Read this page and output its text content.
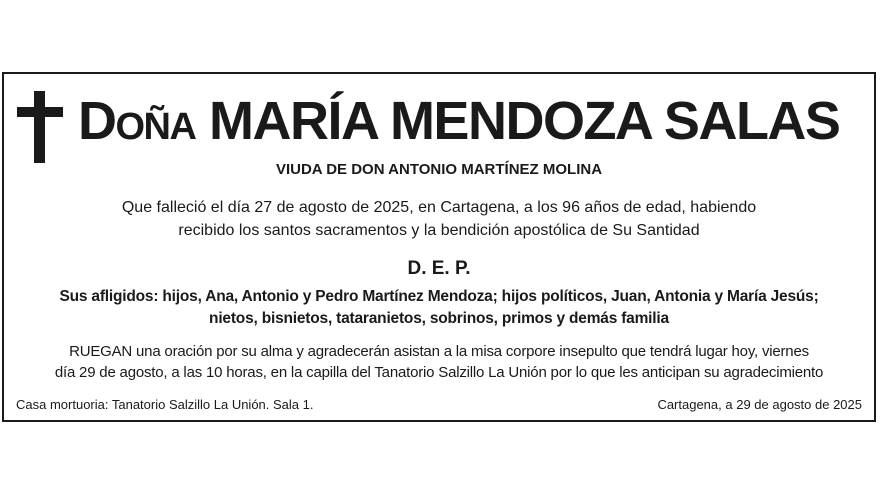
Doña MARÍA MENDOZA SALAS
VIUDA DE DON ANTONIO MARTÍNEZ MOLINA
Que falleció el día 27 de agosto de 2025, en Cartagena, a los 96 años de edad, habiendo
recibido los santos sacramentos y la bendición apostólica de Su Santidad
D. E. P.
Sus afligidos: hijos, Ana, Antonio y Pedro Martínez Mendoza; hijos políticos, Juan, Antonia y María Jesús;
nietos, bisnietos, tataranietos, sobrinos, primos y demás familia
RUEGAN una oración por su alma y agradecerán asistan a la misa corpore insepulto que tendrá lugar hoy, viernes
día 29 de agosto, a las 10 horas, en la capilla del Tanatorio Salzillo La Unión por lo que les anticipan su agradecimiento
Casa mortuoria: Tanatorio Salzillo La Unión. Sala 1.	Cartagena, a 29 de agosto de 2025
